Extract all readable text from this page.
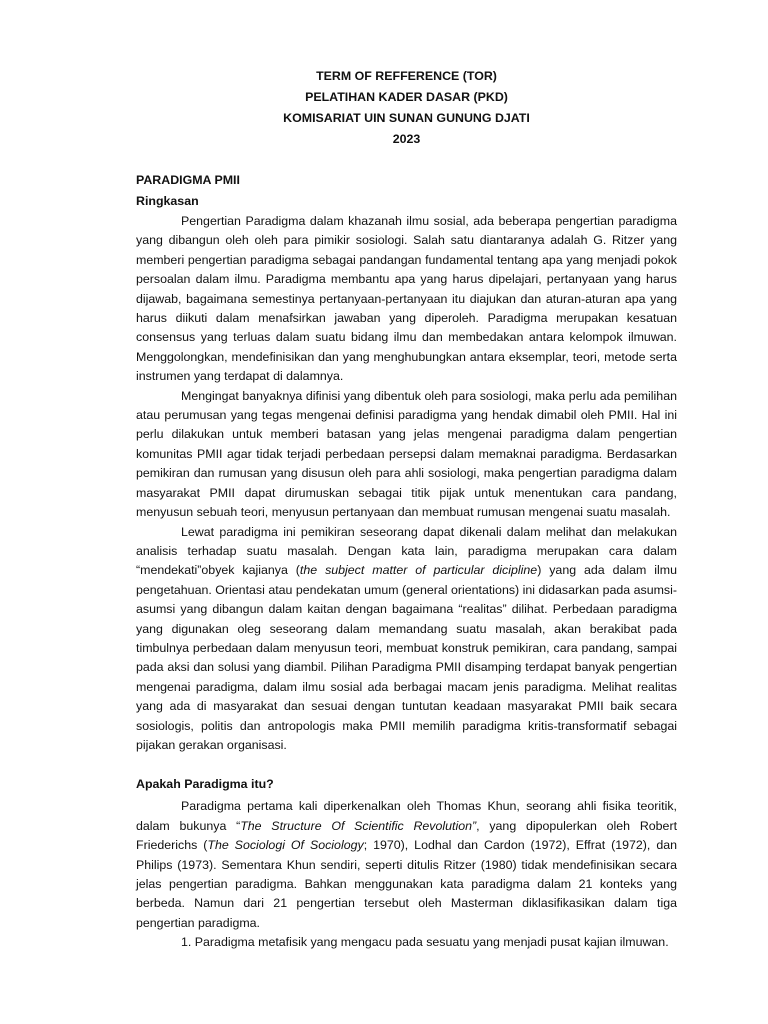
TERM OF REFFERENCE (TOR)
PELATIHAN KADER DASAR (PKD)
KOMISARIAT UIN SUNAN GUNUNG DJATI
2023
PARADIGMA PMII
Ringkasan

Pengertian Paradigma dalam khazanah ilmu sosial, ada beberapa pengertian paradigma yang dibangun oleh oleh para pimikir sosiologi. Salah satu diantaranya adalah G. Ritzer yang memberi pengertian paradigma sebagai pandangan fundamental tentang apa yang menjadi pokok persoalan dalam ilmu. Paradigma membantu apa yang harus dipelajari, pertanyaan yang harus dijawab, bagaimana semestinya pertanyaan-pertanyaan itu diajukan dan aturan-aturan apa yang harus diikuti dalam menafsirkan jawaban yang diperoleh. Paradigma merupakan kesatuan consensus yang terluas dalam suatu bidang ilmu dan membedakan antara kelompok ilmuwan. Menggolongkan, mendefinisikan dan yang menghubungkan antara eksemplar, teori, metode serta instrumen yang terdapat di dalamnya.

Mengingat banyaknya difinisi yang dibentuk oleh para sosiologi, maka perlu ada pemilihan atau perumusan yang tegas mengenai definisi paradigma yang hendak dimabil oleh PMII. Hal ini perlu dilakukan untuk memberi batasan yang jelas mengenai paradigma dalam pengertian komunitas PMII agar tidak terjadi perbedaan persepsi dalam memaknai paradigma. Berdasarkan pemikiran dan rumusan yang disusun oleh para ahli sosiologi, maka pengertian paradigma dalam masyarakat PMII dapat dirumuskan sebagai titik pijak untuk menentukan cara pandang, menyusun sebuah teori, menyusun pertanyaan dan membuat rumusan mengenai suatu masalah.

Lewat paradigma ini pemikiran seseorang dapat dikenali dalam melihat dan melakukan analisis terhadap suatu masalah. Dengan kata lain, paradigma merupakan cara dalam “mendekati”obyek kajianya (the subject matter of particular dicipline) yang ada dalam ilmu pengetahuan. Orientasi atau pendekatan umum (general orientations) ini didasarkan pada asumsi-asumsi yang dibangun dalam kaitan dengan bagaimana “realitas” dilihat. Perbedaan paradigma yang digunakan oleg seseorang dalam memandang suatu masalah, akan berakibat pada timbulnya perbedaan dalam menyusun teori, membuat konstruk pemikiran, cara pandang, sampai pada aksi dan solusi yang diambil. Pilihan Paradigma PMII disamping terdapat banyak pengertian mengenai paradigma, dalam ilmu sosial ada berbagai macam jenis paradigma. Melihat realitas yang ada di masyarakat dan sesuai dengan tuntutan keadaan masyarakat PMII baik secara sosiologis, politis dan antropologis maka PMII memilih paradigma kritis-transformatif sebagai pijakan gerakan organisasi.

Apakah Paradigma itu?

Paradigma pertama kali diperkenalkan oleh Thomas Khun, seorang ahli fisika teoritik, dalam bukunya “The Structure Of Scientific Revolution”, yang dipopulerkan oleh Robert Friederichs (The Sociologi Of Sociology; 1970), Lodhal dan Cardon (1972), Effrat (1972), dan Philips (1973). Sementara Khun sendiri, seperti ditulis Ritzer (1980) tidak mendefinisikan secara jelas pengertian paradigma. Bahkan menggunakan kata paradigma dalam 21 konteks yang berbeda. Namun dari 21 pengertian tersebut oleh Masterman diklasifikasikan dalam tiga pengertian paradigma.

1. Paradigma metafisik yang mengacu pada sesuatu yang menjadi pusat kajian ilmuwan.
